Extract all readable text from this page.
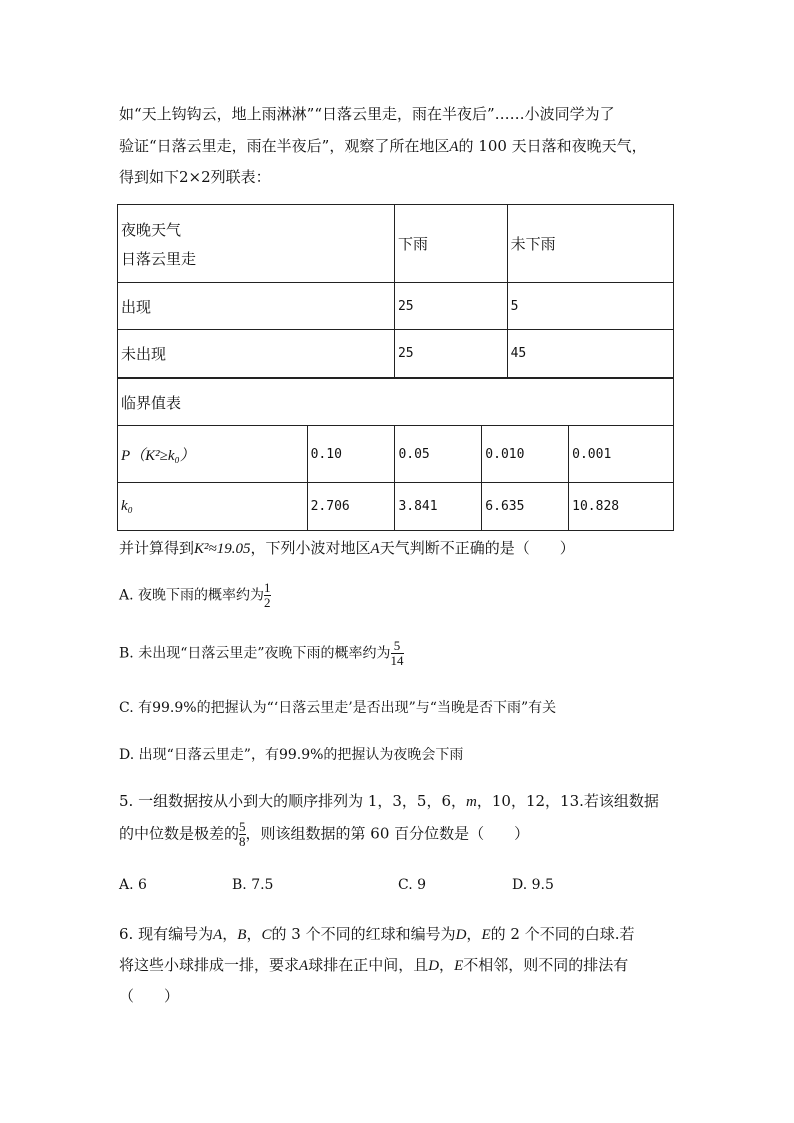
如“天上钩钩云，地上雨淋淋”“日落云里走，雨在半夜后”……小波同学为了
验证“日落云里走，雨在半夜后”，观察了所在地区A的 100 天日落和夜晚天气，
得到如下2×2列联表：
夜晚天气
日落云里走	下雨	未下雨
出现	25	5
未出现	25	45
临界值表				
P（K²≥k₀）	0.10	0.05	0.010	0.001
k₀	2.706	3.841	6.635	10.828
并计算得到K²≈19.05，下列小波对地区A天气判断不正确的是（　　）
A. 夜晚下雨的概率约为 $\frac{1}{2}$
B. 未出现“日落云里走”夜晚下雨的概率约为 $\frac{5}{14}$
C. 有99.9%的把握认为“‘日落云里走’是否出现”与“当晚是否下雨”有关
D. 出现“日落云里走”，有99.9%的把握认为夜晚会下雨
5. 一组数据按从小到大的顺序排列为 1，3，5，6，m，10，12，13.若该组数据
的中位数是极差的 $\frac{5}{8}$ ，则该组数据的第 60 百分位数是（　　）
A. 6	B. 7.5	C. 9	D. 9.5
6. 现有编号为A，B，C的 3 个不同的红球和编号为D，E的 2 个不同的白球.若
将这些小球排成一排，要求A球排在正中间，且D，E不相邻，则不同的排法有
（　　）
